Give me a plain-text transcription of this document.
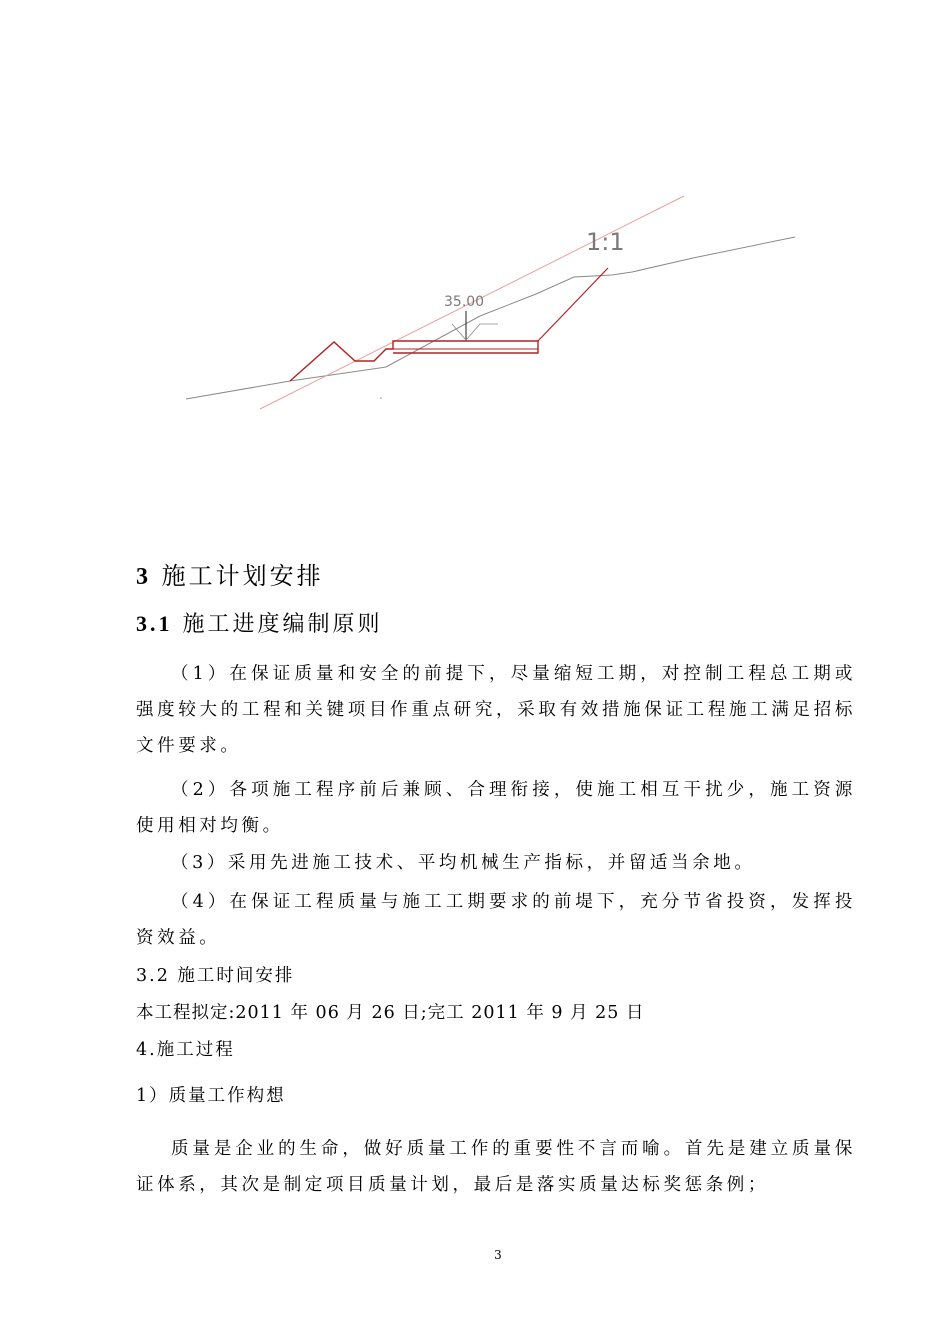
35.00
1:1
3 施工计划安排
3.1 施工进度编制原则
（1）在保证质量和安全的前提下，尽量缩短工期，对控制工程总工期或强度较大的工程和关键项目作重点研究，采取有效措施保证工程施工满足招标文件要求。
（2）各项施工程序前后兼顾、合理衔接，使施工相互干扰少，施工资源使用相对均衡。
（3）采用先进施工技术、平均机械生产指标，并留适当余地。
（4）在保证工程质量与施工工期要求的前堤下，充分节省投资，发挥投资效益。
3.2 施工时间安排
本工程拟定:2011 年 06 月 26 日;完工 2011 年 9 月 25 日
4.施工过程
1）质量工作构想
质量是企业的生命，做好质量工作的重要性不言而喻。首先是建立质量保证体系，其次是制定项目质量计划，最后是落实质量达标奖惩条例；
3
